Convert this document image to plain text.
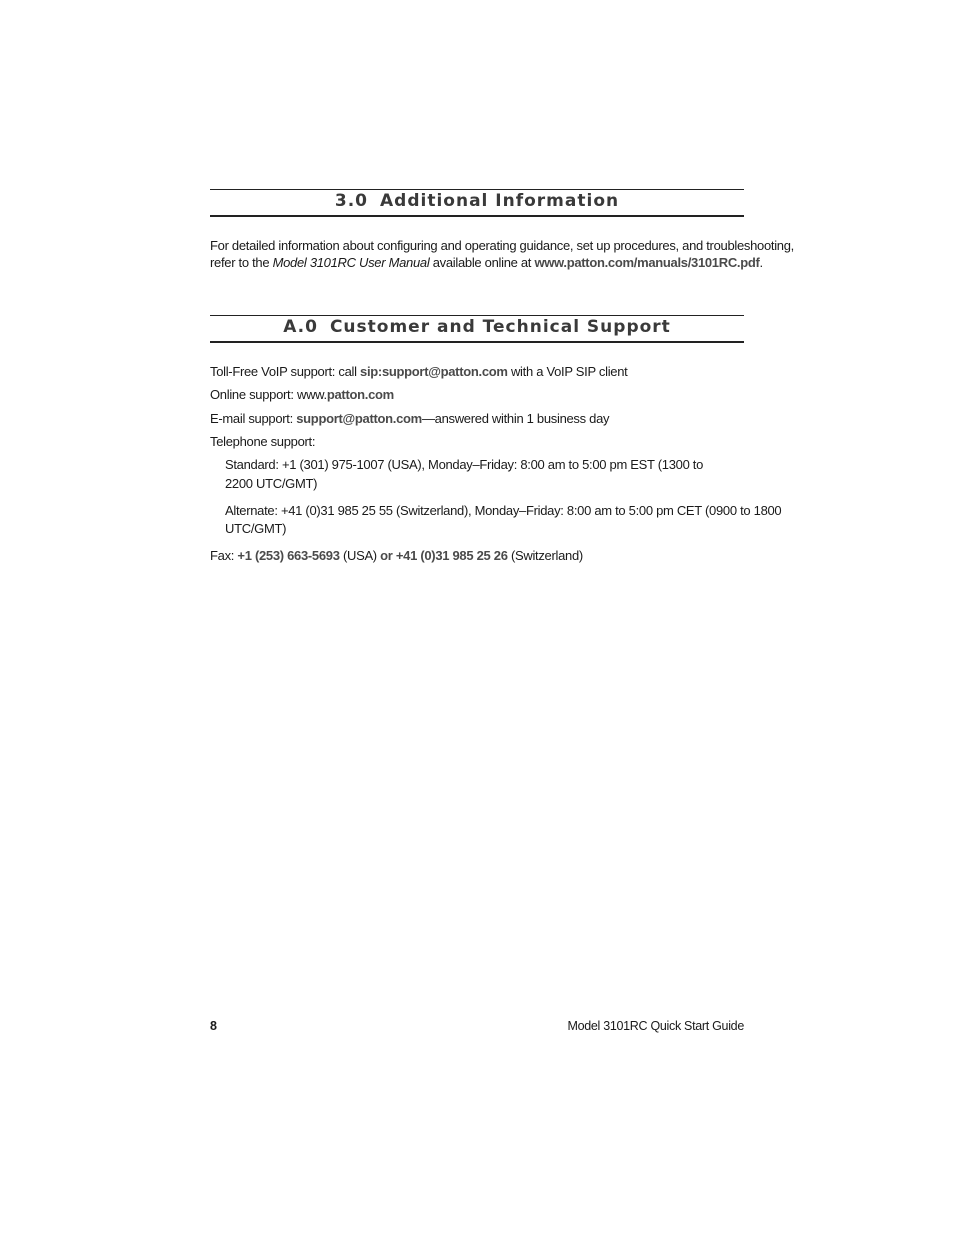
3.0 Additional Information
For detailed information about configuring and operating guidance, set up procedures, and troubleshooting,
refer to the Model 3101RC User Manual available online at www.patton.com/manuals/3101RC.pdf.
A.0 Customer and Technical Support
Toll-Free VoIP support: call sip:support@patton.com with a VoIP SIP client
Online support: www.patton.com
E-mail support: support@patton.com—answered within 1 business day
Telephone support:
Standard: +1 (301) 975-1007 (USA), Monday–Friday: 8:00 am to 5:00 pm EST (1300 to
2200 UTC/GMT)
Alternate: +41 (0)31 985 25 55 (Switzerland), Monday–Friday: 8:00 am to 5:00 pm CET (0900 to 1800
UTC/GMT)
Fax: +1 (253) 663-5693 (USA) or +41 (0)31 985 25 26 (Switzerland)
8	Model 3101RC Quick Start Guide
